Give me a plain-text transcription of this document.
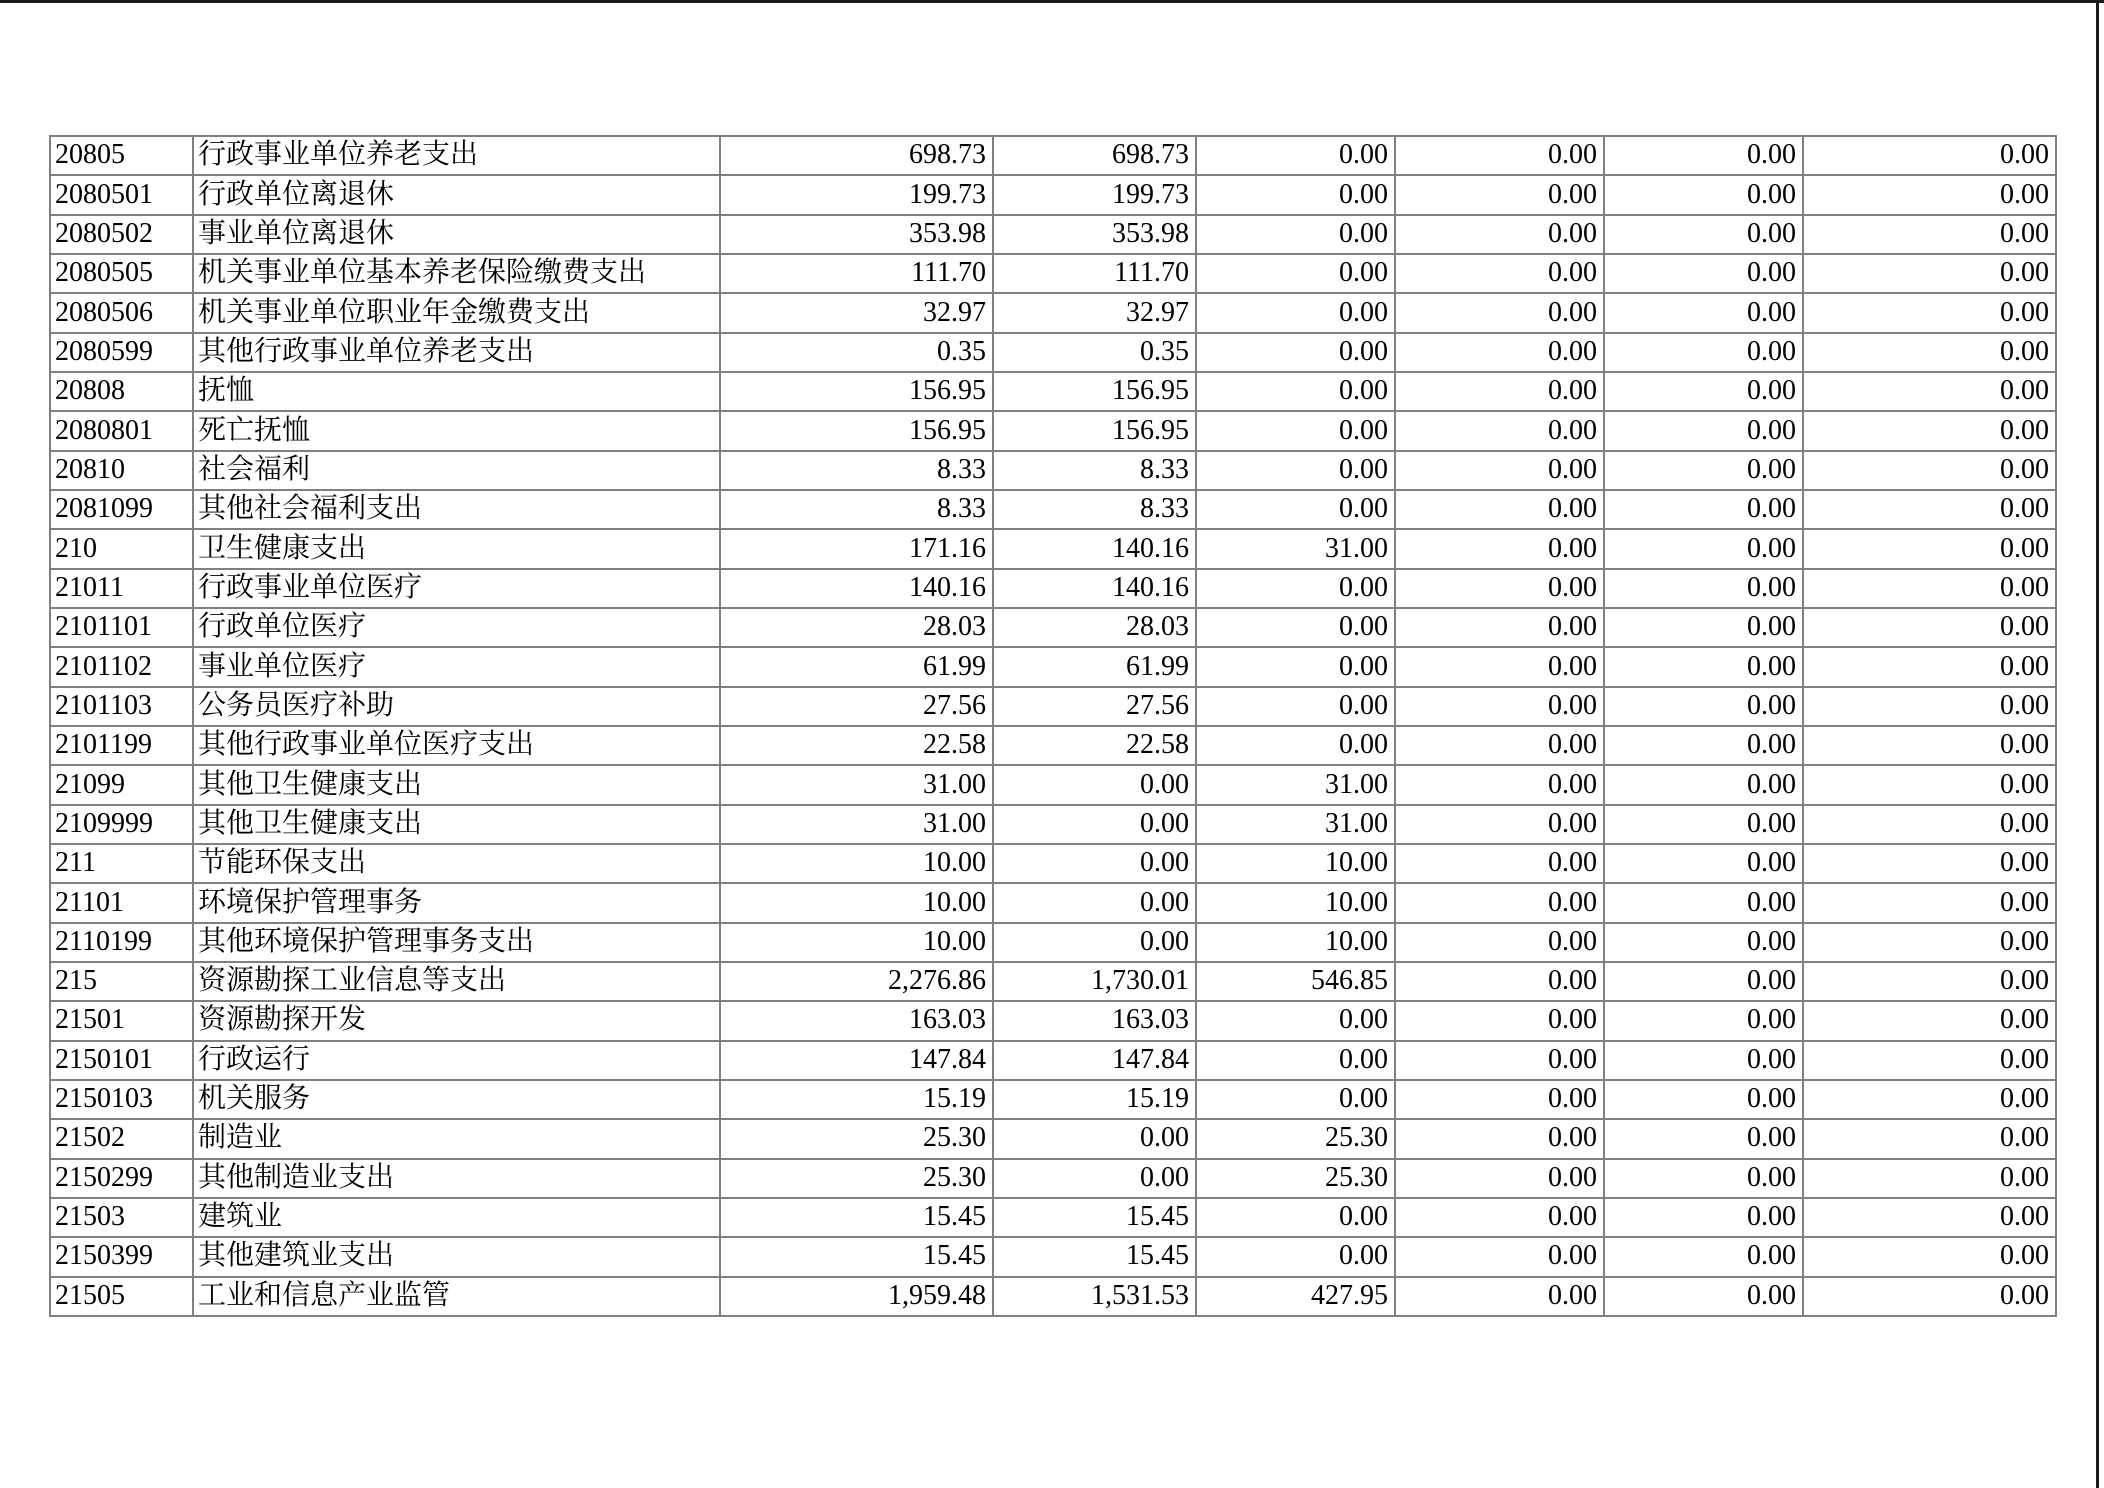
20805	行政事业单位养老支出	698.73	698.73	0.00	0.00	0.00	0.00
2080501	行政单位离退休	199.73	199.73	0.00	0.00	0.00	0.00
2080502	事业单位离退休	353.98	353.98	0.00	0.00	0.00	0.00
2080505	机关事业单位基本养老保险缴费支出	111.70	111.70	0.00	0.00	0.00	0.00
2080506	机关事业单位职业年金缴费支出	32.97	32.97	0.00	0.00	0.00	0.00
2080599	其他行政事业单位养老支出	0.35	0.35	0.00	0.00	0.00	0.00
20808	抚恤	156.95	156.95	0.00	0.00	0.00	0.00
2080801	死亡抚恤	156.95	156.95	0.00	0.00	0.00	0.00
20810	社会福利	8.33	8.33	0.00	0.00	0.00	0.00
2081099	其他社会福利支出	8.33	8.33	0.00	0.00	0.00	0.00
210	卫生健康支出	171.16	140.16	31.00	0.00	0.00	0.00
21011	行政事业单位医疗	140.16	140.16	0.00	0.00	0.00	0.00
2101101	行政单位医疗	28.03	28.03	0.00	0.00	0.00	0.00
2101102	事业单位医疗	61.99	61.99	0.00	0.00	0.00	0.00
2101103	公务员医疗补助	27.56	27.56	0.00	0.00	0.00	0.00
2101199	其他行政事业单位医疗支出	22.58	22.58	0.00	0.00	0.00	0.00
21099	其他卫生健康支出	31.00	0.00	31.00	0.00	0.00	0.00
2109999	其他卫生健康支出	31.00	0.00	31.00	0.00	0.00	0.00
211	节能环保支出	10.00	0.00	10.00	0.00	0.00	0.00
21101	环境保护管理事务	10.00	0.00	10.00	0.00	0.00	0.00
2110199	其他环境保护管理事务支出	10.00	0.00	10.00	0.00	0.00	0.00
215	资源勘探工业信息等支出	2,276.86	1,730.01	546.85	0.00	0.00	0.00
21501	资源勘探开发	163.03	163.03	0.00	0.00	0.00	0.00
2150101	行政运行	147.84	147.84	0.00	0.00	0.00	0.00
2150103	机关服务	15.19	15.19	0.00	0.00	0.00	0.00
21502	制造业	25.30	0.00	25.30	0.00	0.00	0.00
2150299	其他制造业支出	25.30	0.00	25.30	0.00	0.00	0.00
21503	建筑业	15.45	15.45	0.00	0.00	0.00	0.00
2150399	其他建筑业支出	15.45	15.45	0.00	0.00	0.00	0.00
21505	工业和信息产业监管	1,959.48	1,531.53	427.95	0.00	0.00	0.00
